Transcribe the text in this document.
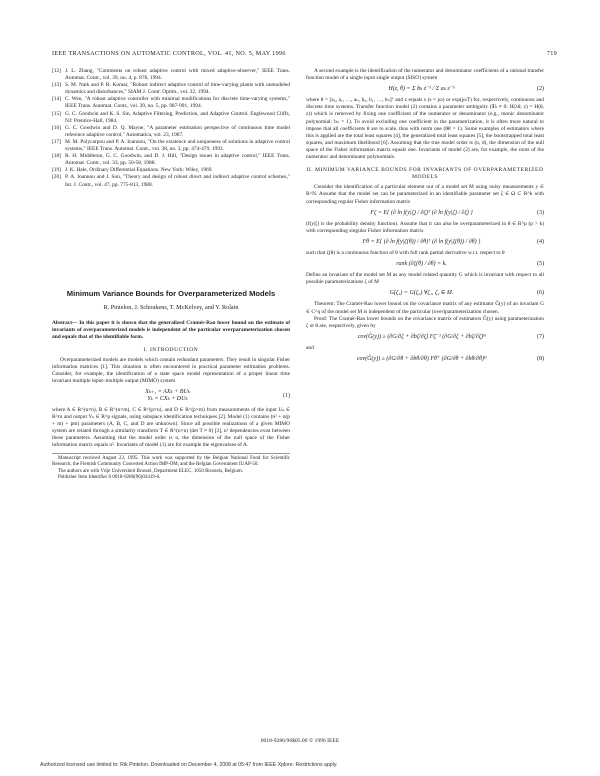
IEEE TRANSACTIONS ON AUTOMATIC CONTROL, VOL. 41, NO. 5, MAY 1996	719
[12] J. L. Zhang, "Comments on robust adaptive control with mixed adaptive-observer," IEEE Trans. Automat. Contr., vol. 39, no. 4, p. 878, 1994.
[13] S. M. Naik and P. R. Kumar, "Robust indirect adaptive control of time-varying plants with unmodeled dynamics and disturbances," SIAM J. Contr. Optim., vol. 32, 1994.
[14] C. Wen, "A robust adaptive controller with minimal modifications for discrete time-varying systems," IEEE Trans. Automat. Contr., vol. 39, no. 5, pp. 987-991, 1994.
[15] G. C. Goodwin and K. S. Sin, Adaptive Filtering, Prediction, and Adaptive Control. Englewood Cliffs, NJ: Prentice-Hall, 1984.
[16] G. C. Goodwin and D. Q. Mayne, "A parameter estimation perspective of continuous time model reference adaptive control," Automatica, vol. 23, 1987.
[17] M. M. Polycarpou and P. A. Ioannou, "On the existence and uniqueness of solutions in adaptive control systems," IEEE Trans. Automat. Contr., vol. 38, no. 3, pp. 474-479, 1993.
[18] R. H. Middleton, G. C. Goodwin, and D. J. Hill, "Design issues in adaptive control," IEEE Trans. Automat. Contr., vol. 33, pp. 50-58, 1988.
[19] J. K. Hale, Ordinary Differential Equations. New York: Wiley, 1969.
[20] P. A. Ioannou and J. Sun, "Theory and design of robust direct and indirect adaptive control schemes," Int. J. Contr., vol. 47, pp. 775-813, 1988.
Minimum Variance Bounds for Overparameterized Models
R. Pintelon, J. Schoukens, T. McKelvey, and Y. Rolain
Abstract— In this paper it is shown that the generalized Cramér-Rao lower bound on the estimate of invariants of overparameterized models is independent of the particular overparameterization chosen and equals that of the identifiable form.
I. INTRODUCTION

Overparameterized models are models which contain redundant parameters. They result in singular Fisher information matrices [1]. This situation is often encountered in practical parameter estimation problems. Consider, for example, the identification of a state space model representation of a proper linear time invariant multiple input–multiple output (MIMO) system

Xₖ₊₁ = AXₖ + BUₖ
Yₖ = CXₖ + DUₖ
(1)

where A ∈ R^(n×n), B ∈ R^(n×m), C ∈ R^(p×n), and D ∈ R^(p×m) from measurements of the input Uₖ ∈ R^m and output Yₖ ∈ R^p signals, using subspace identification techniques [2]. Model (1) contains (n² + n(p + m) + pm) parameters (A, B, C, and D are unknown). Since all possible realizations of a given MIMO system are related through a similarity transform T ∈ R^(n×n) (det T ≠ 0) [3], n² dependencies exist between these parameters. Assuming that the model order is n, the dimension of the null space of the Fisher information matrix equals n². Invariants of model (1) are for example the eigenvalues of A.

Manuscript received August 23, 1995. This work was supported by the Belgian National Fund for Scientific Research, the Flemish Community Concerted Action IMP-OM, and the Belgian Government IUAP-50.

The authors are with Vrije Universiteit Brussel, Department ELEC, 1050 Brussels, Belgium.

Publisher Item Identifier S 0018-9286(96)03419-6.

A second example is the identification of the numerator and denominator coefficients of a rational transfer function model of a single input single output (SISO) system

H(z, θ) = Σ bₖ z⁻ᵏ / Σ aₖ z⁻ᵏ	(2)

where θ = [a₀, a₁, …, aₙ, b₀, b₁, …, bₙ]ᵀ and z equals s (s = jω) or exp(jωT) for, respectively, continuous and discrete time systems. Transfer function model (2) contains a parameter ambiguity (∃λ ≠ 0: H(λθ, z) = H(θ, z)) which is removed by fixing one coefficient of the numerator or denominator (e.g., monic denominator polynomial: bₙ = 1). To avoid excluding one coefficient in the parametrization, it is often more natural to impose that all coefficients θ are to scale, thus with norm one (‖θ‖ = 1). Some examples of estimators where this is applied are the total least squares [4], the generalized total least squares [5], the bootstrapped total least squares, and maximum likelihood [6]. Assuming that the true model order is (n, d), the dimension of the null space of the Fisher information matrix equals one. Invariants of model (2) are, for example, the roots of the numerator and denominator polynomials.

II. MINIMUM VARIANCE BOUNDS FOR INVARIANTS OF OVERPARAMETERIZED MODELS

Consider the identification of a particular element out of a model set M using noisy measurements y ∈ R^N. Assume that the model set can be parameterized in an identifiable parameter set ζ ∈ Ω ⊂ R^k with corresponding regular Fisher information matrix

Fζ = E{ (∂ ln f(y|ζ) / ∂ζ)ᵀ (∂ ln f(y|ζ) / ∂ζ) }	(3)

(f(y|ζ) is the probability density function). Assume that it can also be overparameterized in θ ∈ R^p (p > k) with corresponding singular Fisher information matrix

Fθ = E{ (∂ ln f(y|ζ(θ)) / ∂θ)ᵀ (∂ ln f(y|ζ(θ)) / ∂θ) }	(4)

such that ζ(θ) is a continuous function of θ with full rank partial derivative w.r.t. respect to θ

rank (∂ζ(θ) / ∂θ) = k.	(5)

Define an invariant of the model set M as any model related quantity G which is invariant with respect to all possible parameterizations ζ of M

G(ζ₁) = G(ζ₂) ∀ζ₁, ζ₂ ∈ M.	(6)

Theorem: The Cramér-Rao lower bound on the covariance matrix of any estimator Ĝ(y) of an invariant G ∈ C^q of the model set M is independent of the particular (over)parameterization chosen.

Proof: The Cramér-Rao lower bounds on the covariance matrix of estimators Ĝ(y) using parameterization ζ or θ are, respectively, given by

cov(Ĝ(y)) ≥ (∂G/∂ζ + ∂bζ/∂ζ) Fζ⁻¹ (∂G/∂ζ + ∂bζ/∂ζ)ᴴ	(7)

and

cov(Ĝ(y)) ≥ (∂G/∂θ + ∂bθ/∂θ) Fθ⁺ (∂G/∂θ + ∂bθ/∂θ)ᴴ	(8)
0018-9286/96$05.00 © 1996 IEEE
Authorized licensed use limited to: Rik Pintelon. Downloaded on December 4, 2008 at 05:47 from IEEE Xplore. Restrictions apply.
